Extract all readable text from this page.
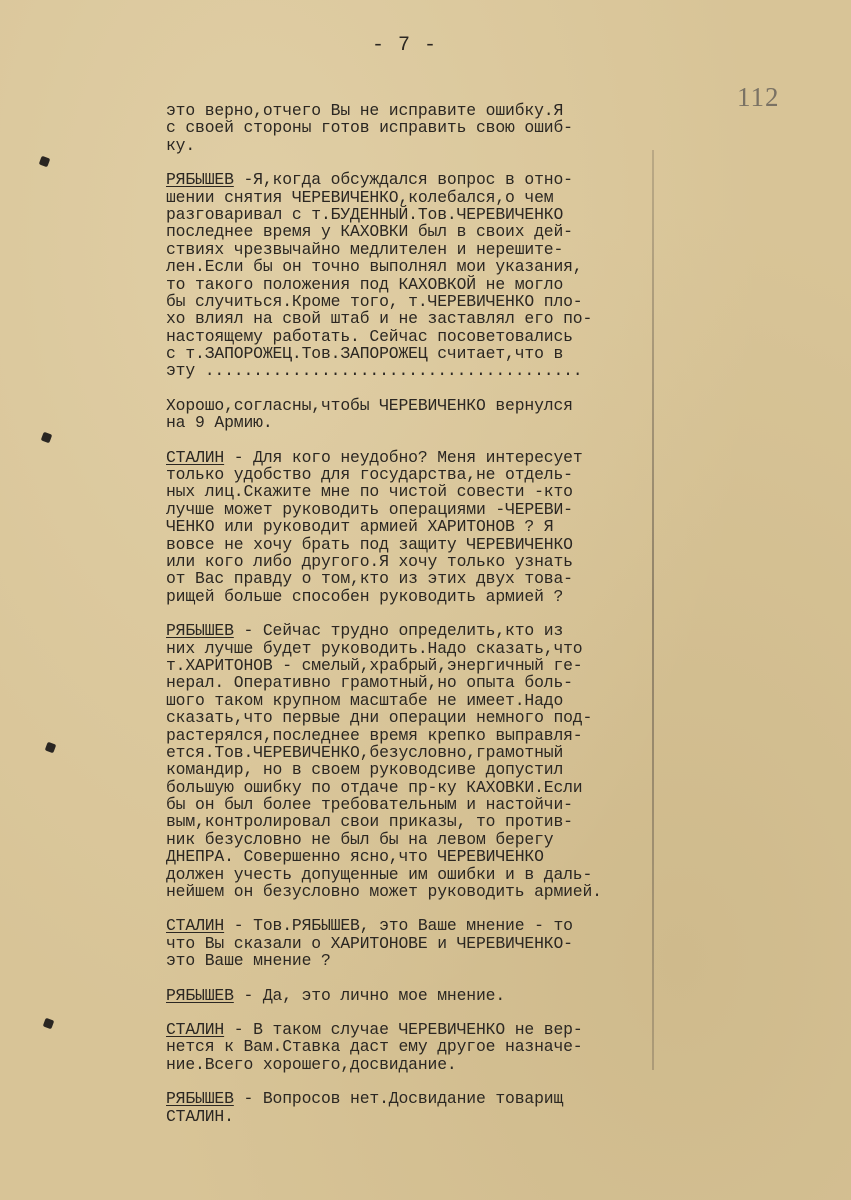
- 7 -
112
это верно,отчего Вы не исправите ошибку.Я
с своей стороны готов исправить свою ошиб-
ку.
РЯБЫШЕВ -Я,когда обсуждался вопрос в отно-
шении снятия ЧЕРЕВИЧЕНКО,колебался,о чем
разговаривал с т.БУДЕННЫЙ.Тов.ЧЕРЕВИЧЕНКО
последнее время у КАХОВКИ был в своих дей-
ствиях чрезвычайно медлителен и нерешите-
лен.Если бы он точно выполнял мои указания,
то такого положения под КАХОВКОЙ не могло
бы случиться.Кроме того, т.ЧЕРЕВИЧЕНКО пло-
хо влиял на свой штаб и не заставлял его по-
настоящему работать. Сейчас посоветовались
с т.ЗАПОРОЖЕЦ.Тов.ЗАПОРОЖЕЦ считает,что в
эту .......................................
Хорошо,согласны,чтобы ЧЕРЕВИЧЕНКО вернулся
на 9 Армию.
СТАЛИН - Для кого неудобно? Меня интересует
только удобство для государства,не отдель-
ных лиц.Скажите мне по чистой совести -кто
лучше может руководить операциями -ЧЕРЕВИ-
ЧЕНКО или руководит армией ХАРИТОНОВ ? Я
вовсе не хочу брать под защиту ЧЕРЕВИЧЕНКО
или кого либо другого.Я хочу только узнать
от Вас правду о том,кто из этих двух това-
рищей больше способен руководить армией ?
РЯБЫШЕВ - Сейчас трудно определить,кто из
них лучше будет руководить.Надо сказать,что
т.ХАРИТОНОВ - смелый,храбрый,энергичный ге-
нерал. Оперативно грамотный,но опыта боль-
шого таком крупном масштабе не имеет.Надо
сказать,что первые дни операции немного под-
растерялся,последнее время крепко выправля-
ется.Тов.ЧЕРЕВИЧЕНКО,безусловно,грамотный
командир, но в своем руководсиве допустил
большую ошибку по отдаче пр-ку КАХОВКИ.Если
бы он был более требовательным и настойчи-
вым,контролировал свои приказы, то против-
ник безусловно не был бы на левом берегу
ДНЕПРА. Совершенно ясно,что ЧЕРЕВИЧЕНКО
должен учесть допущенные им ошибки и в даль-
нейшем он безусловно может руководить армией.
СТАЛИН - Тов.РЯБЫШЕВ, это Ваше мнение - то
что Вы сказали о ХАРИТОНОВЕ и ЧЕРЕВИЧЕНКО-
это Ваше мнение ?
РЯБЫШЕВ - Да, это лично мое мнение.
СТАЛИН - В таком случае ЧЕРЕВИЧЕНКО не вер-
нется к Вам.Ставка даст ему другое назначе-
ние.Всего хорошего,досвидание.
РЯБЫШЕВ - Вопросов нет.Досвидание товарищ
СТАЛИН.
